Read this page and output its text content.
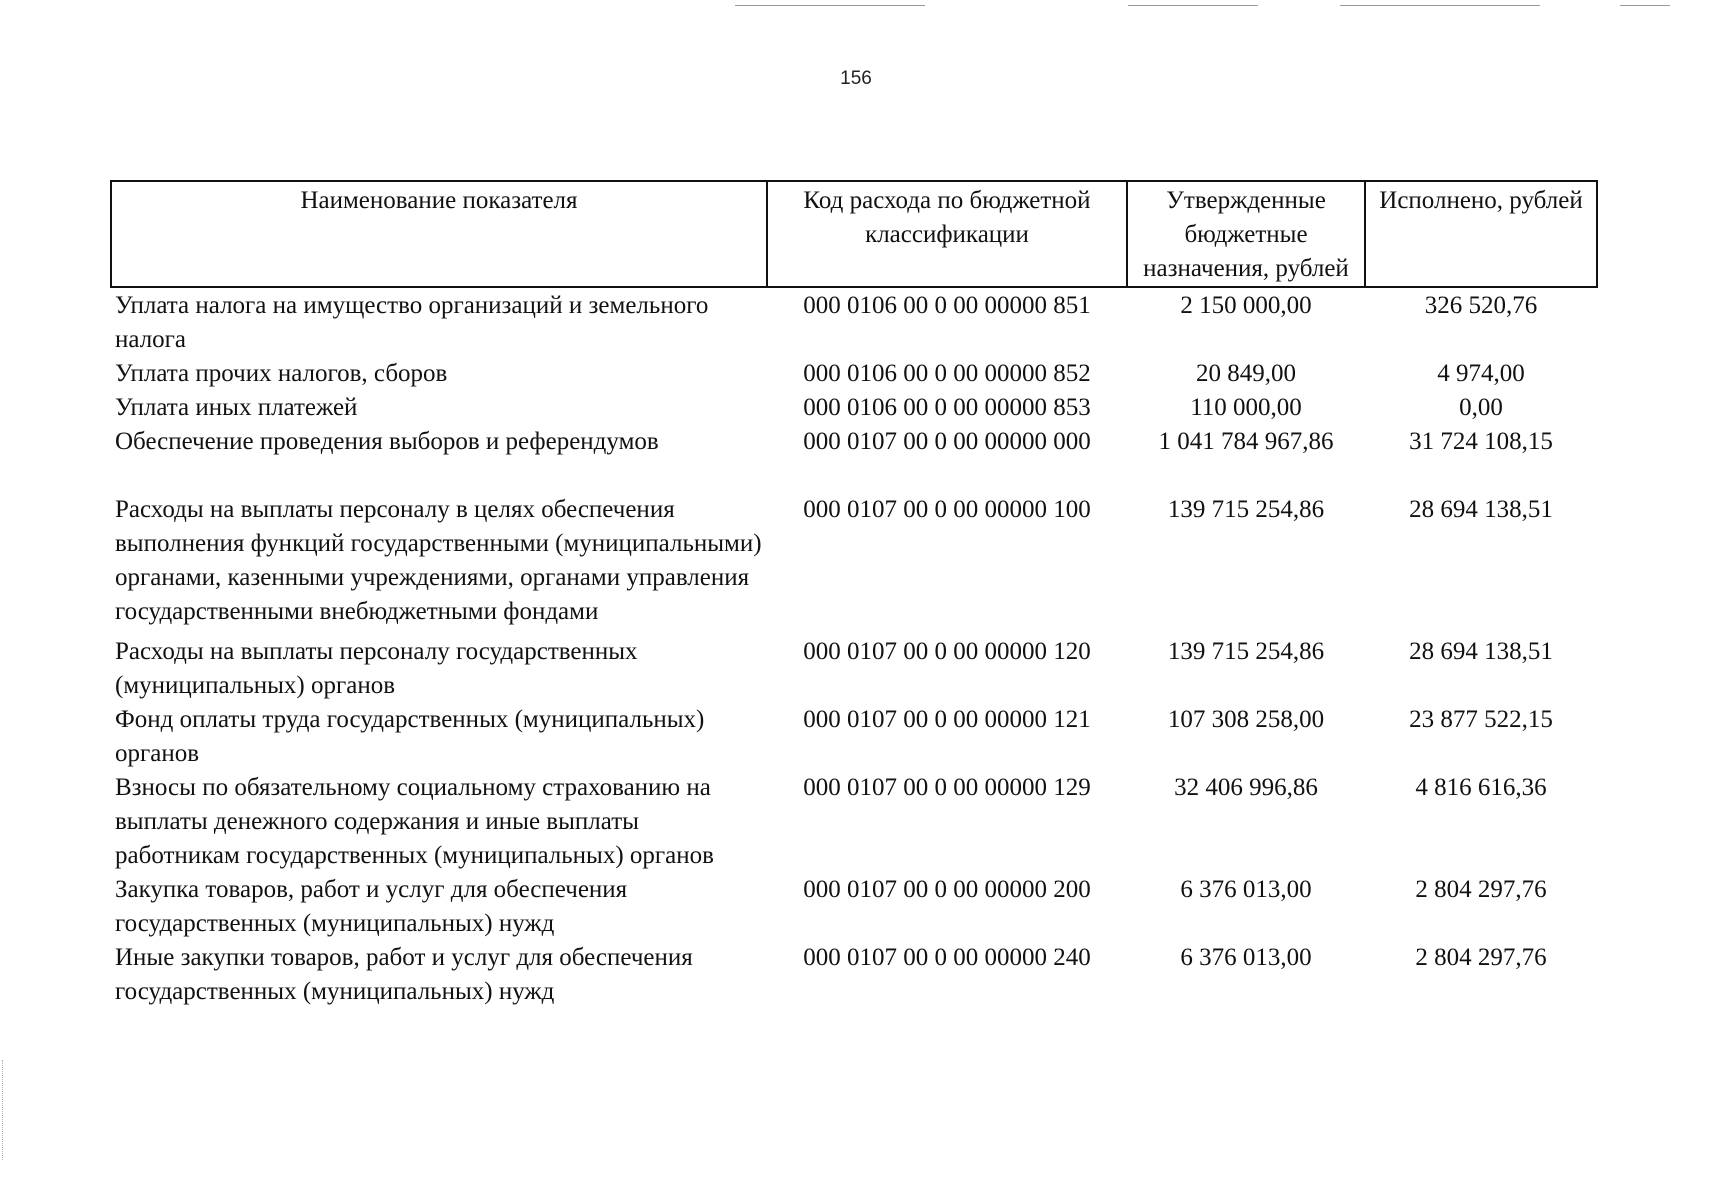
156
Наименование показателя	Код расхода по бюджетной классификации	Утвержденные бюджетные назначения, рублей	Исполнено, рублей
Уплата налога на имущество организаций и земельного налога	000 0106 00 0 00 00000 851	2 150 000,00	326 520,76
Уплата прочих налогов, сборов	000 0106 00 0 00 00000 852	20 849,00	4 974,00
Уплата иных платежей	000 0106 00 0 00 00000 853	110 000,00	0,00
Обеспечение проведения выборов и референдумов	000 0107 00 0 00 00000 000	1 041 784 967,86	31 724 108,15
Расходы на выплаты персоналу в целях обеспечения выполнения функций государственными (муниципальными) органами, казенными учреждениями, органами управления государственными внебюджетными фондами	000 0107 00 0 00 00000 100	139 715 254,86	28 694 138,51
Расходы на выплаты персоналу государственных (муниципальных) органов	000 0107 00 0 00 00000 120	139 715 254,86	28 694 138,51
Фонд оплаты труда государственных (муниципальных) органов	000 0107 00 0 00 00000 121	107 308 258,00	23 877 522,15
Взносы по обязательному социальному страхованию на выплаты денежного содержания и иные выплаты работникам государственных (муниципальных) органов	000 0107 00 0 00 00000 129	32 406 996,86	4 816 616,36
Закупка товаров, работ и услуг для обеспечения государственных (муниципальных) нужд	000 0107 00 0 00 00000 200	6 376 013,00	2 804 297,76
Иные закупки товаров, работ и услуг для обеспечения государственных (муниципальных) нужд	000 0107 00 0 00 00000 240	6 376 013,00	2 804 297,76
